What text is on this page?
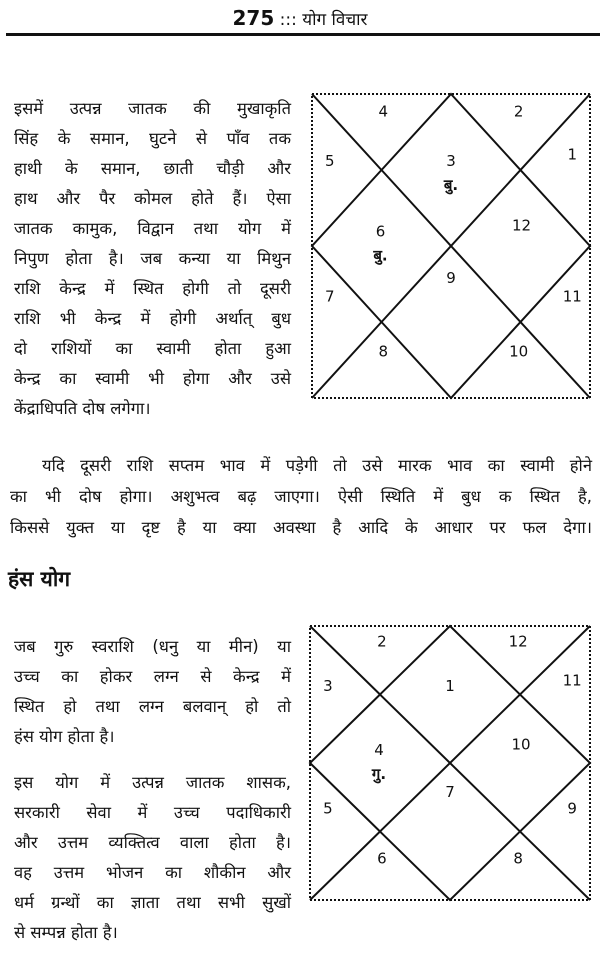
275 ::: योग विचार
इसमें उत्पन्न जातक की मुखाकृति
सिंह के समान, घुटने से पाँव तक
हाथी के समान, छाती चौड़ी और
हाथ और पैर कोमल होते हैं। ऐसा
जातक कामुक, विद्वान तथा योग में
निपुण होता है। जब कन्या या मिथुन
राशि केन्द्र में स्थित होगी तो दूसरी
राशि भी केन्द्र में होगी अर्थात् बुध
दो राशियों का स्वामी होता हुआ
केन्द्र का स्वामी भी होगा और उसे
केंद्राधिपति दोष लगेगा।
3
बु.
4
5
6
बु.
7
8
9
10
11
12
1
2
यदि दूसरी राशि सप्तम भाव में पड़ेगी तो उसे मारक भाव का स्वामी होने
का भी दोष होगा। अशुभत्व बढ़ जाएगा। ऐसी स्थिति में बुध क स्थित है,
किससे युक्त या दृष्ट है या क्या अवस्था है आदि के आधार पर फल देगा।
हंस योग
जब गुरु स्वराशि (धनु या मीन) या
उच्च का होकर लग्न से केन्द्र में
स्थित हो तथा लग्न बलवान् हो तो
हंस योग होता है।
इस योग में उत्पन्न जातक शासक,
सरकारी सेवा में उच्च पदाधिकारी
और उत्तम व्यक्तित्व वाला होता है।
वह उत्तम भोजन का शौकीन और
धर्म ग्रन्थों का ज्ञाता तथा सभी सुखों
से सम्पन्न होता है।
1
2
3
4
गु.
5
6
7
8
9
10
11
12
